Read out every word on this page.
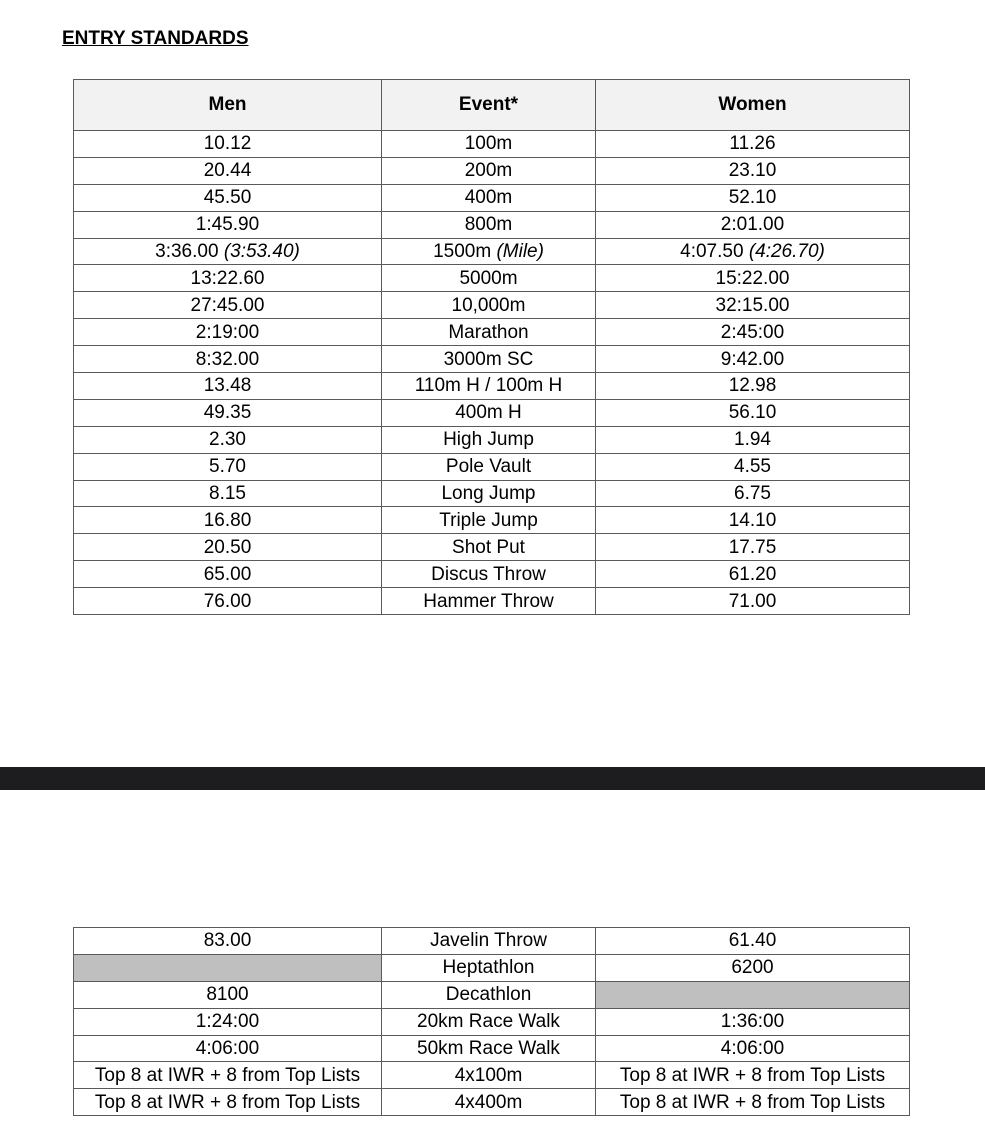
ENTRY STANDARDS
Men	Event*	Women
10.12	100m	11.26
20.44	200m	23.10
45.50	400m	52.10
1:45.90	800m	2:01.00
3:36.00 (3:53.40)	1500m (Mile)	4:07.50 (4:26.70)
13:22.60	5000m	15:22.00
27:45.00	10,000m	32:15.00
2:19:00	Marathon	2:45:00
8:32.00	3000m SC	9:42.00
13.48	110m H / 100m H	12.98
49.35	400m H	56.10
2.30	High Jump	1.94
5.70	Pole Vault	4.55
8.15	Long Jump	6.75
16.80	Triple Jump	14.10
20.50	Shot Put	17.75
65.00	Discus Throw	61.20
76.00	Hammer Throw	71.00
83.00	Javelin Throw	61.40
	Heptathlon	6200
8100	Decathlon	
1:24:00	20km Race Walk	1:36:00
4:06:00	50km Race Walk	4:06:00
Top 8 at IWR + 8 from Top Lists	4x100m	Top 8 at IWR + 8 from Top Lists
Top 8 at IWR + 8 from Top Lists	4x400m	Top 8 at IWR + 8 from Top Lists
